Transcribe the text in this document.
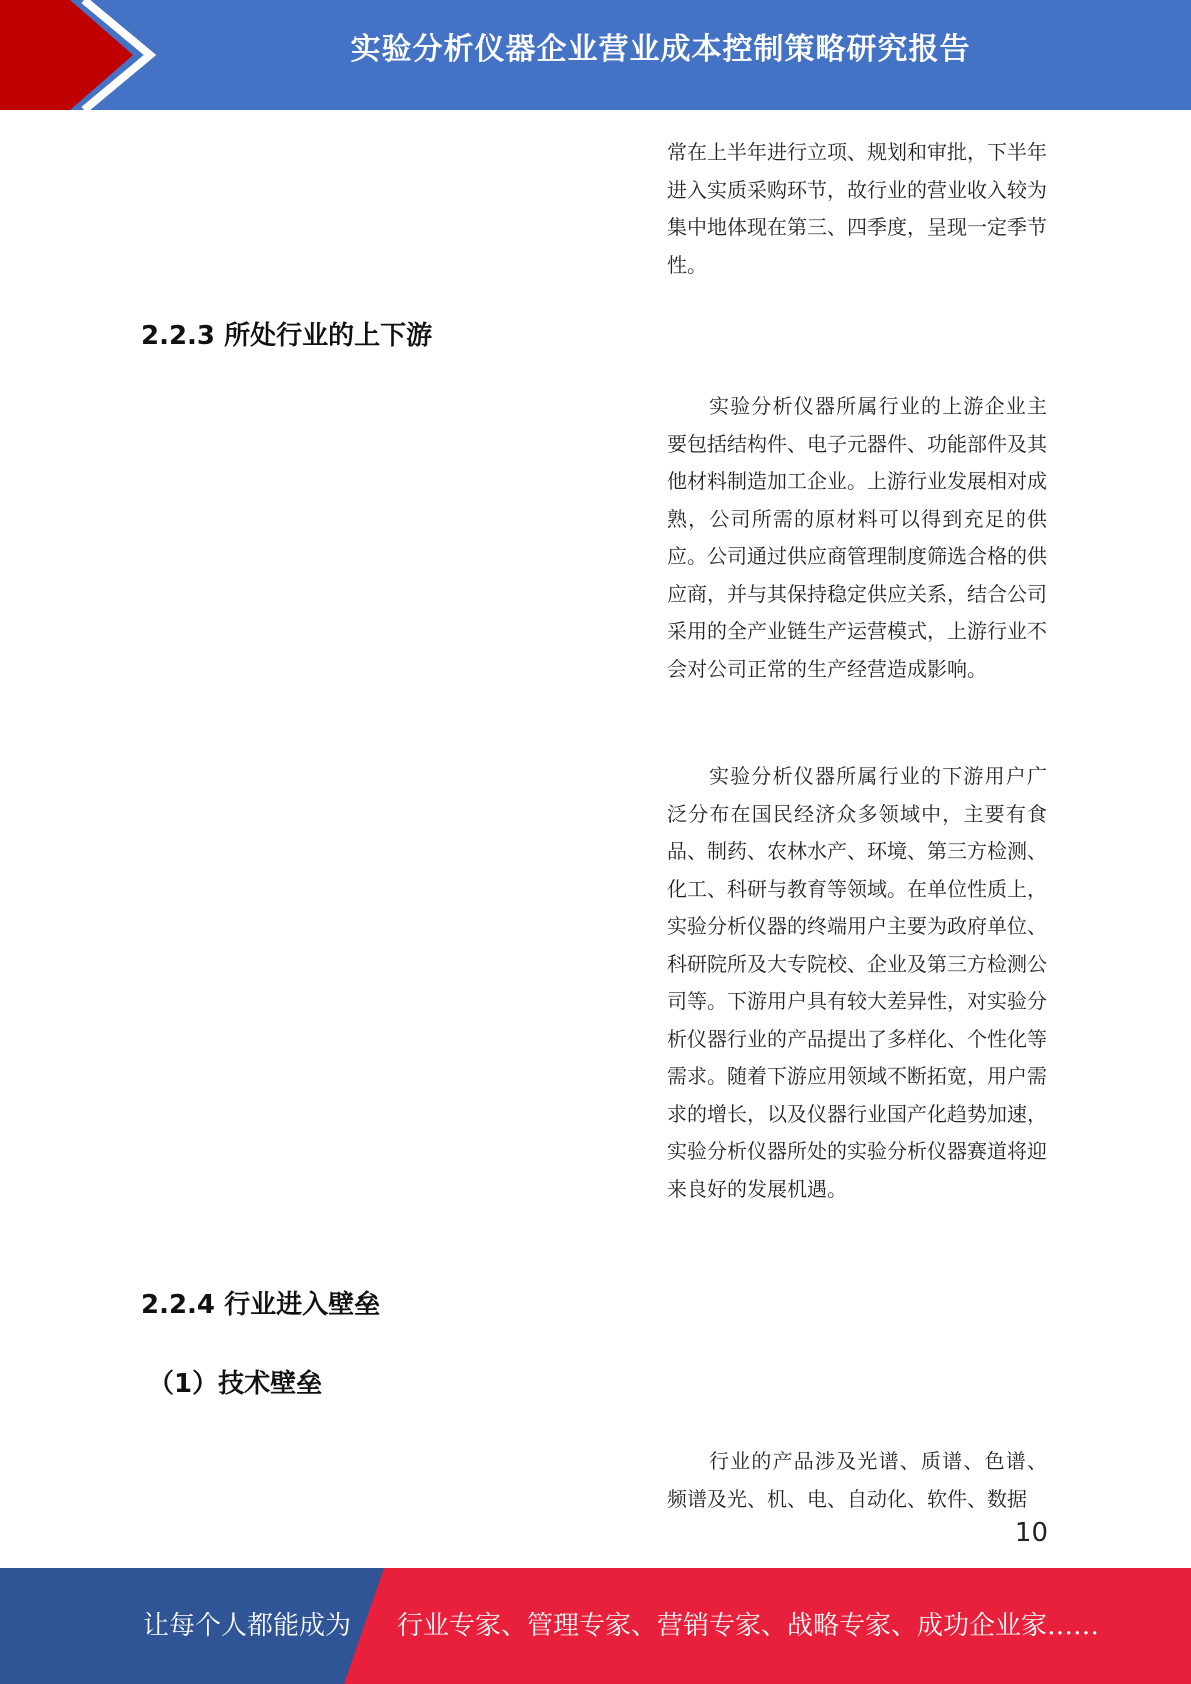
实验分析仪器企业营业成本控制策略研究报告

常在上半年进行立项、规划和审批，下半年进入实质采购环节，故行业的营业收入较为集中地体现在第三、四季度，呈现一定季节性。

2.2.3 所处行业的上下游

实验分析仪器所属行业的上游企业主要包括结构件、电子元器件、功能部件及其他材料制造加工企业。上游行业发展相对成熟，公司所需的原材料可以得到充足的供应。公司通过供应商管理制度筛选合格的供应商，并与其保持稳定供应关系，结合公司采用的全产业链生产运营模式，上游行业不会对公司正常的生产经营造成影响。

实验分析仪器所属行业的下游用户广泛分布在国民经济众多领域中，主要有食品、制药、农林水产、环境、第三方检测、化工、科研与教育等领域。在单位性质上，实验分析仪器的终端用户主要为政府单位、科研院所及大专院校、企业及第三方检测公司等。下游用户具有较大差异性，对实验分析仪器行业的产品提出了多样化、个性化等需求。随着下游应用领域不断拓宽，用户需求的增长，以及仪器行业国产化趋势加速，实验分析仪器所处的实验分析仪器赛道将迎来良好的发展机遇。

2.2.4 行业进入壁垒
（1）技术壁垒

行业的产品涉及光谱、质谱、色谱、频谱及光、机、电、自动化、软件、数据

10
让每个人都能成为 行业专家、管理专家、营销专家、战略专家、成功企业家……
